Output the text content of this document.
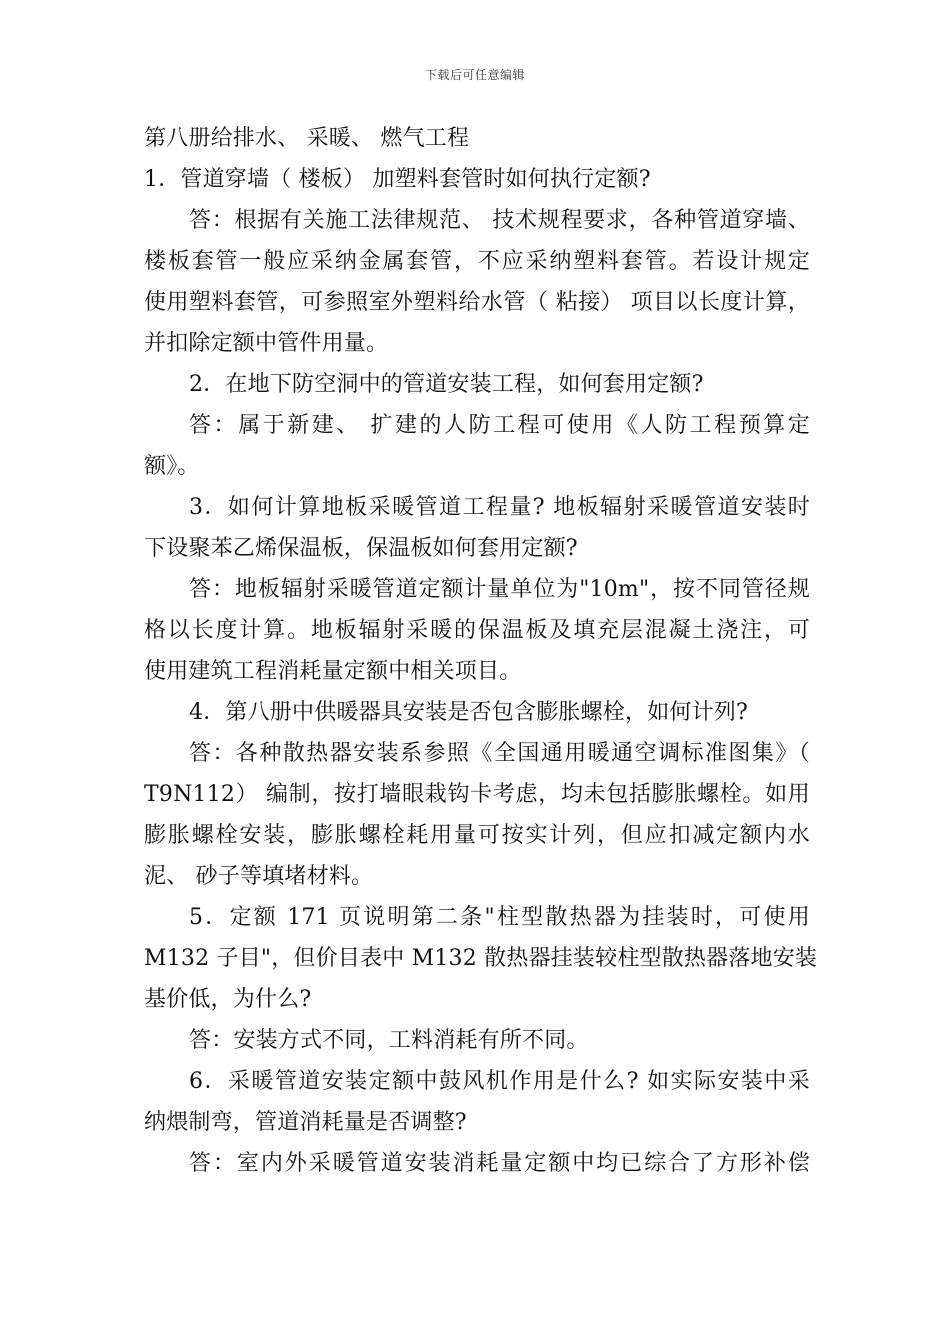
下载后可任意编辑
第八册给排水、 采暖、 燃气工程
1．管道穿墙（ 楼板） 加塑料套管时如何执行定额?
答：根据有关施工法律规范、 技术规程要求，各种管道穿墙、
楼板套管一般应采纳金属套管，不应采纳塑料套管。若设计规定
使用塑料套管，可参照室外塑料给水管（ 粘接） 项目以长度计算，
并扣除定额中管件用量。
2．在地下防空洞中的管道安装工程，如何套用定额?
答：属于新建、 扩建的人防工程可使用《人防工程预算定
额》。
3．如何计算地板采暖管道工程量? 地板辐射采暖管道安装时
下设聚苯乙烯保温板，保温板如何套用定额?
答：地板辐射采暖管道定额计量单位为"10m"，按不同管径规
格以长度计算。地板辐射采暖的保温板及填充层混凝土浇注，可
使用建筑工程消耗量定额中相关项目。
4．第八册中供暖器具安装是否包含膨胀螺栓，如何计列?
答：各种散热器安装系参照《全国通用暖通空调标准图集》（
T9N112） 编制，按打墙眼栽钩卡考虑，均未包括膨胀螺栓。如用
膨胀螺栓安装，膨胀螺栓耗用量可按实计列，但应扣减定额内水
泥、 砂子等填堵材料。
5．定额 171 页说明第二条"柱型散热器为挂装时，可使用
M132 子目"，但价目表中 M132 散热器挂装较柱型散热器落地安装
基价低，为什么?
答：安装方式不同，工料消耗有所不同。
6．采暖管道安装定额中鼓风机作用是什么? 如实际安装中采
纳煨制弯，管道消耗量是否调整?
答：室内外采暖管道安装消耗量定额中均已综合了方形补偿
